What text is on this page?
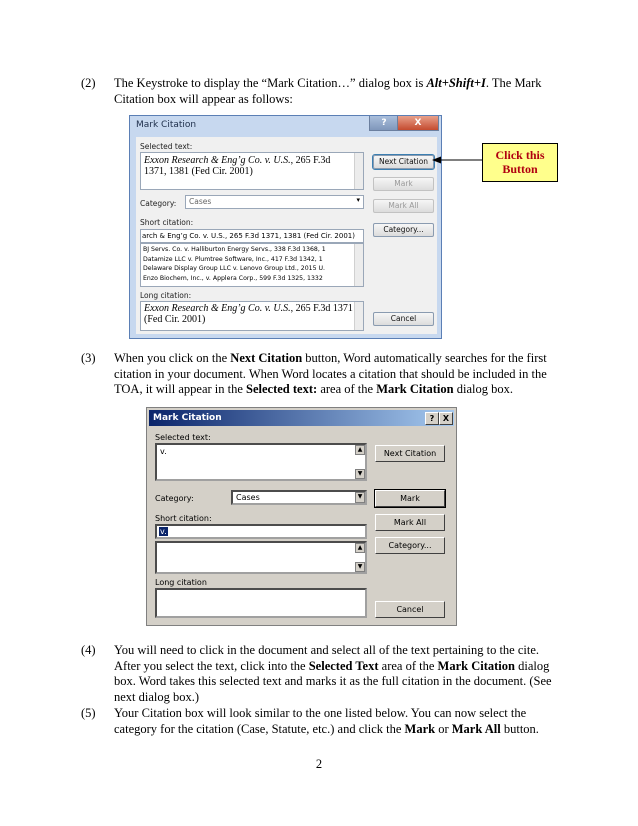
(2) The Keystroke to display the “Mark Citation…” dialog box is Alt+Shift+I. The Mark Citation box will appear as follows:
Mark Citation	?	X
Selected text:
Exxon Research & Eng’g Co. v. U.S., 265 F.3d 1371, 1381 (Fed Cir. 2001)
Next Citation
Mark
Category: Cases	▾
Mark All
Short citation:
arch & Eng’g Co. v. U.S., 265 F.3d 1371, 1381 (Fed Cir. 2001)
Category...
BJ Servs. Co. v. Halliburton Energy Servs., 338 F.3d 1368, 1
Datamize LLC v. Plumtree Software, Inc., 417 F.3d 1342, 1
Delaware Display Group LLC v. Lenovo Group Ltd., 2015 U.
Enzo Biochem, Inc., v. Applera Corp., 599 F.3d 1325, 1332
Long citation:
Exxon Research & Eng’g Co. v. U.S., 265 F.3d 1371 (Fed Cir. 2001)	Cancel
Click this
Button
(3) When you click on the Next Citation button, Word automatically searches for the first citation in your document. When Word locates a citation that should be included in the TOA, it will appear in the Selected text: area of the Mark Citation dialog box.
Mark Citation	?	X
Selected text:
v.	▲
▼
Next Citation
Category:	Cases	▼	Mark
Short citation:
v.
Mark All
▲
▼
Category...
Long citation
Cancel
(4) You will need to click in the document and select all of the text pertaining to the cite. After you select the text, click into the Selected Text area of the Mark Citation dialog box. Word takes this selected text and marks it as the full citation in the document. (See next dialog box.)
(5) Your Citation box will look similar to the one listed below. You can now select the category for the citation (Case, Statute, etc.) and click the Mark or Mark All button.
2
